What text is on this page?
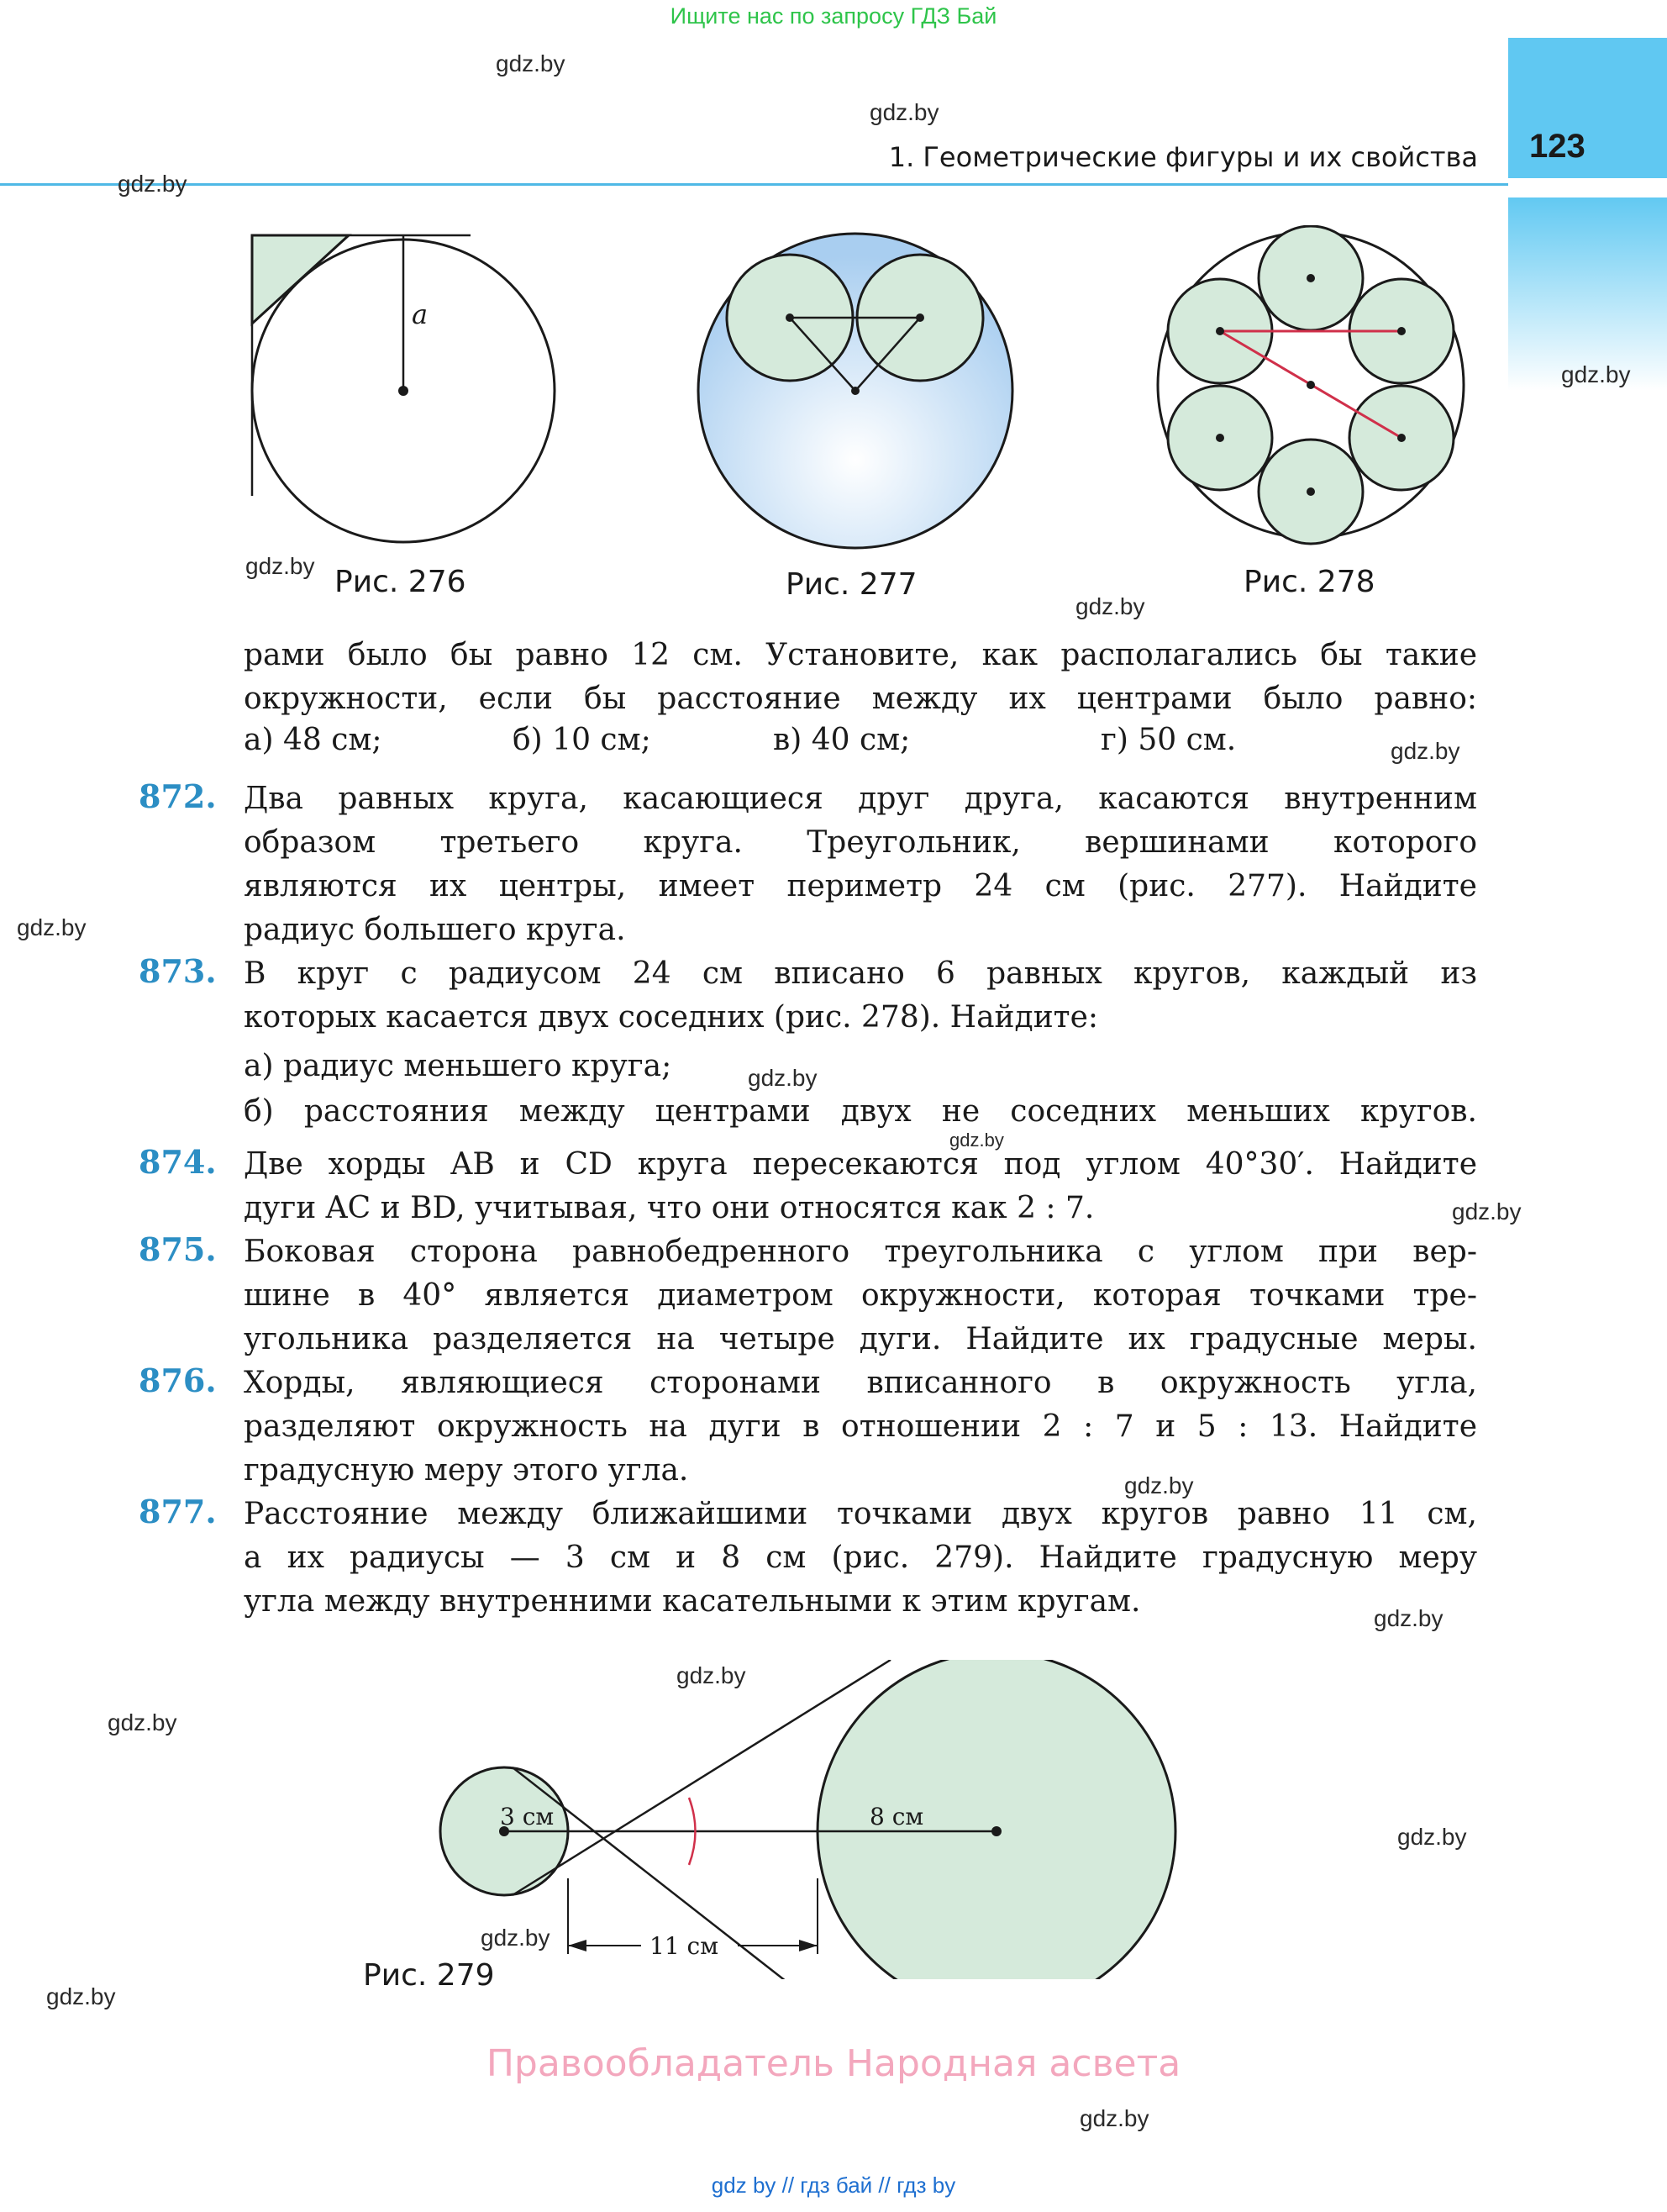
Ищите нас по запросу ГДЗ Бай
123
1. Геометрические фигуры и их свойства
gdz.by
gdz.by
gdz.by
gdz.by
gdz.by
gdz.by
gdz.by
gdz.by
gdz.by
gdz.by
gdz.by
gdz.by
gdz.by
gdz.by
gdz.by
gdz.by
gdz.by
gdz.by
gdz.by
a
Рис. 276	Рис. 277	Рис. 278
рами было бы равно 12 см. Установите, как располагались бы такие
окружности, если бы расстояние между их центрами было равно:
а) 48 см;	б) 10 см;	в) 40 см;	г) 50 см.
872. Два равных круга, касающиеся друг друга, касаются внутренним
образом третьего круга. Треугольник, вершинами которого
являются их центры, имеет периметр 24 см (рис. 277). Найдите
радиус большего круга.
873. В круг с радиусом 24 см вписано 6 равных кругов, каждый из
которых касается двух соседних (рис. 278). Найдите:
а) радиус меньшего круга;
б) расстояния между центрами двух не соседних меньших кругов.
874. Две хорды AB и CD круга пересекаются под углом 40°30′. Найдите
дуги AC и BD, учитывая, что они относятся как 2 : 7.
875. Боковая сторона равнобедренного треугольника с углом при вер-
шине в 40° является диаметром окружности, которая точками тре-
угольника разделяется на четыре дуги. Найдите их градусные меры.
876. Хорды, являющиеся сторонами вписанного в окружность угла,
разделяют окружность на дуги в отношении 2 : 7 и 5 : 13. Найдите
градусную меру этого угла.
877. Расстояние между ближайшими точками двух кругов равно 11 см,
а их радиусы — 3 см и 8 см (рис. 279). Найдите градусную меру
угла между внутренними касательными к этим кругам.
3 см	8 см
11 см
Рис. 279
Правообладатель Народная асвета
gdz by // гдз бай // гдз by
